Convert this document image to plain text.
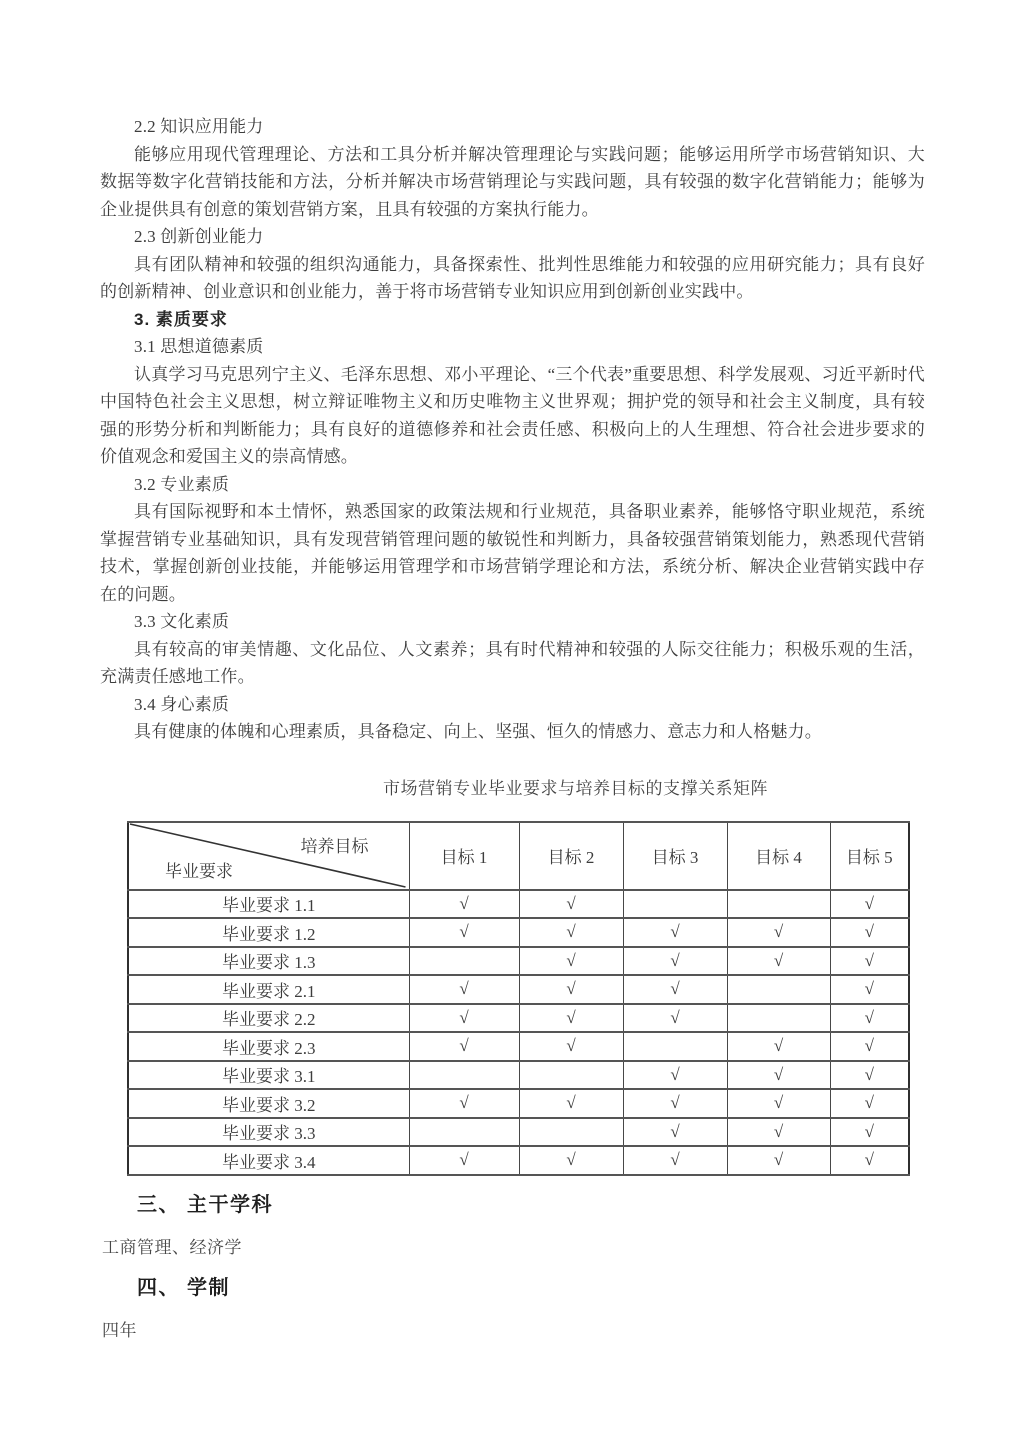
2.2 知识应用能力

能够应用现代管理理论、方法和工具分析并解决管理理论与实践问题；能够运用所学市场营销知识、大数据等数字化营销技能和方法，分析并解决市场营销理论与实践问题，具有较强的数字化营销能力；能够为企业提供具有创意的策划营销方案，且具有较强的方案执行能力。

2.3 创新创业能力

具有团队精神和较强的组织沟通能力，具备探索性、批判性思维能力和较强的应用研究能力；具有良好的创新精神、创业意识和创业能力，善于将市场营销专业知识应用到创新创业实践中。

3. 素质要求

3.1 思想道德素质

认真学习马克思列宁主义、毛泽东思想、邓小平理论、“三个代表”重要思想、科学发展观、习近平新时代中国特色社会主义思想，树立辩证唯物主义和历史唯物主义世界观；拥护党的领导和社会主义制度，具有较强的形势分析和判断能力；具有良好的道德修养和社会责任感、积极向上的人生理想、符合社会进步要求的价值观念和爱国主义的崇高情感。

3.2 专业素质

具有国际视野和本土情怀，熟悉国家的政策法规和行业规范，具备职业素养，能够恪守职业规范，系统掌握营销专业基础知识，具有发现营销管理问题的敏锐性和判断力，具备较强营销策划能力，熟悉现代营销技术，掌握创新创业技能，并能够运用管理学和市场营销学理论和方法，系统分析、解决企业营销实践中存在的问题。

3.3 文化素质

具有较高的审美情趣、文化品位、人文素养；具有时代精神和较强的人际交往能力；积极乐观的生活，充满责任感地工作。

3.4 身心素质

具有健康的体魄和心理素质，具备稳定、向上、坚强、恒久的情感力、意志力和人格魅力。

市场营销专业毕业要求与培养目标的支撑关系矩阵
培养目标
毕业要求	目标 1	目标 2	目标 3	目标 4	目标 5
毕业要求 1.1	√	√			√
毕业要求 1.2	√	√	√	√	√
毕业要求 1.3		√	√	√	√
毕业要求 2.1	√	√	√		√
毕业要求 2.2	√	√	√		√
毕业要求 2.3	√	√		√	√
毕业要求 3.1			√	√	√
毕业要求 3.2	√	√	√	√	√
毕业要求 3.3			√	√	√
毕业要求 3.4	√	√	√	√	√
三、 主干学科
工商管理、经济学
四、 学制
四年
